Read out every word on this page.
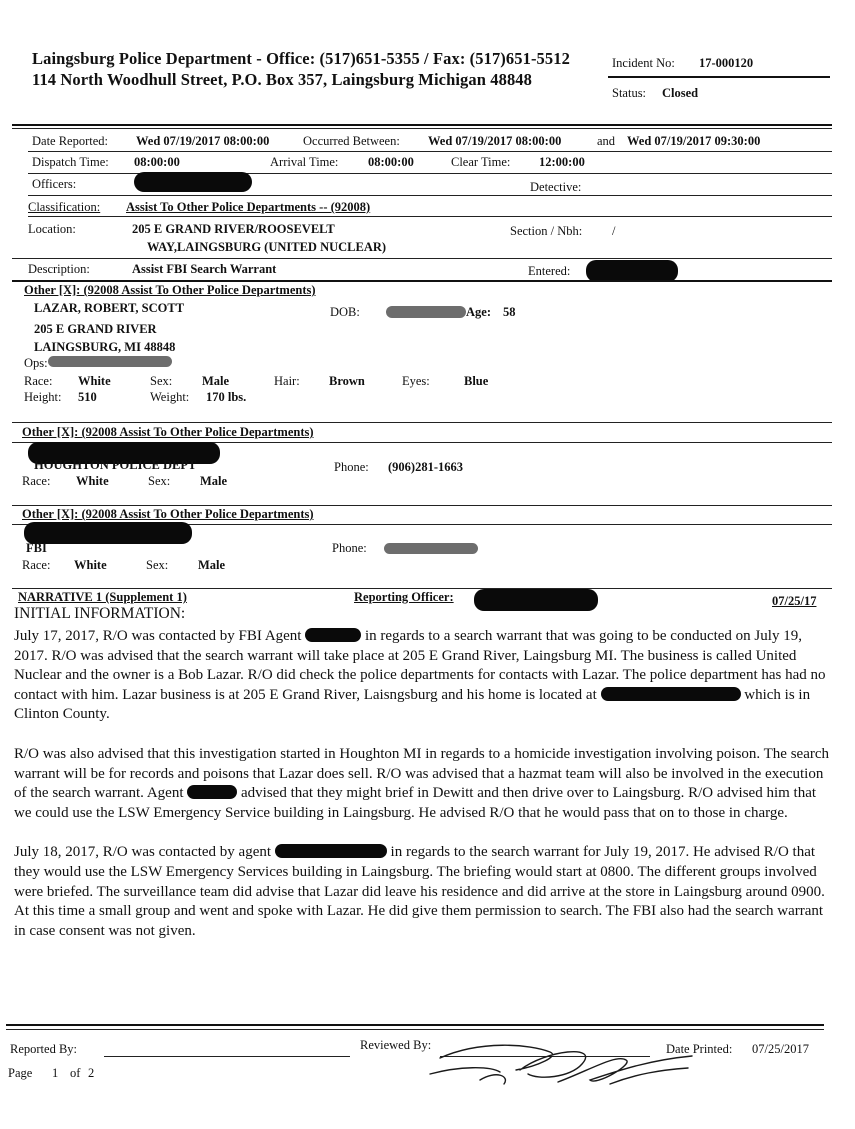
Laingsburg Police Department - Office: (517)651-5355 / Fax: (517)651-5512
114 North Woodhull Street, P.O. Box 357, Laingsburg Michigan 48848
Incident No: 17-000120
Status: Closed
Date Reported: Wed 07/19/2017 08:00:00	Occurred Between: Wed 07/19/2017 08:00:00	and Wed 07/19/2017 09:30:00
Dispatch Time: 08:00:00	Arrival Time: 08:00:00	Clear Time: 12:00:00
Officers:	Detective:
Classification: Assist To Other Police Departments -- (92008)
Location:	205 E GRAND RIVER/ROOSEVELT
WAY,LAINGSBURG (UNITED NUCLEAR)
Section / Nbh: /
Description:	Assist FBI Search Warrant	Entered:
Other [X]: (92008 Assist To Other Police Departments)
LAZAR, ROBERT, SCOTT	DOB:	Age: 58
205 E GRAND RIVER
LAINGSBURG, MI 48848
Ops:
Race: White	Sex: Male	Hair: Brown	Eyes:	Blue
Height: 510	Weight: 170 lbs.
Other [X]: (92008 Assist To Other Police Departments)
HOUGHTON POLICE DEPT	Phone: (906)281-1663
Race: White	Sex: Male
Other [X]: (92008 Assist To Other Police Departments)
FBI	Phone:
Race: White	Sex: Male
NARRATIVE 1 (Supplement 1)	Reporting Officer:	07/25/17
INITIAL INFORMATION:

July 17, 2017, R/O was contacted by FBI Agent	in regards to a search warrant that was going to be conducted on July 19, 2017. R/O was advised that the search warrant will take place at 205 E Grand River, Laingsburg MI. The business is called United Nuclear and the owner is a Bob Lazar. R/O did check the police departments for contacts with Lazar. The police department has had no contact with him. Lazar business is at 205 E Grand River, Laisngsburg and his home is located at	which is in Clinton County.

R/O was also advised that this investigation started in Houghton MI in regards to a homicide investigation involving poison. The search warrant will be for records and poisons that Lazar does sell. R/O was advised that a hazmat team will also be involved in the execution of the search warrant. Agent	advised that they might brief in Dewitt and then drive over to Laingsburg. R/O advised him that we could use the LSW Emergency Service building in Laingsburg. He advised R/O that he would pass that on to those in charge.

July 18, 2017, R/O was contacted by agent	in regards to the search warrant for July 19, 2017. He advised R/O that they would use the LSW Emergency Services building in Laingsburg. The briefing would start at 0800. The different groups involved were briefed. The surveillance team did advise that Lazar did leave his residence and did arrive at the store in Laingsburg around 0900. At this time a small group and went and spoke with Lazar. He did give them permission to search. The FBI also had the search warrant in case consent was not given.

Reported By:	Reviewed By:	Date Printed: 07/25/2017
Page 1 of 2
